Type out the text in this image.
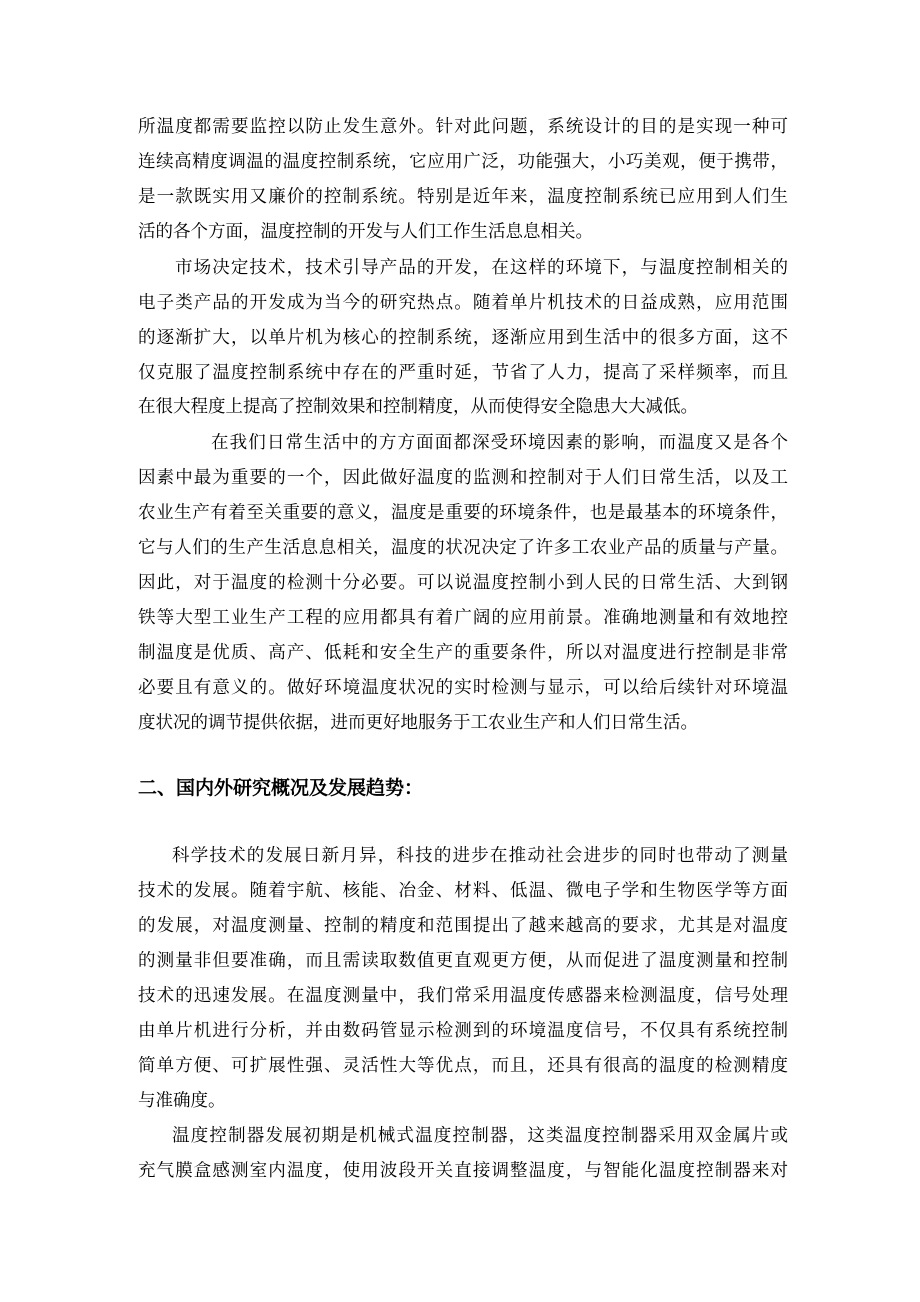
所温度都需要监控以防止发生意外。针对此问题，系统设计的目的是实现一种可
连续高精度调温的温度控制系统，它应用广泛，功能强大，小巧美观，便于携带，
是一款既实用又廉价的控制系统。特别是近年来，温度控制系统已应用到人们生
活的各个方面，温度控制的开发与人们工作生活息息相关。
市场决定技术，技术引导产品的开发，在这样的环境下，与温度控制相关的
电子类产品的开发成为当今的研究热点。随着单片机技术的日益成熟，应用范围
的逐渐扩大，以单片机为核心的控制系统，逐渐应用到生活中的很多方面，这不
仅克服了温度控制系统中存在的严重时延，节省了人力，提高了采样频率，而且
在很大程度上提高了控制效果和控制精度，从而使得安全隐患大大减低。
在我们日常生活中的方方面面都深受环境因素的影响，而温度又是各个
因素中最为重要的一个，因此做好温度的监测和控制对于人们日常生活，以及工
农业生产有着至关重要的意义，温度是重要的环境条件，也是最基本的环境条件，
它与人们的生产生活息息相关，温度的状况决定了许多工农业产品的质量与产量。
因此，对于温度的检测十分必要。可以说温度控制小到人民的日常生活、大到钢
铁等大型工业生产工程的应用都具有着广阔的应用前景。准确地测量和有效地控
制温度是优质、高产、低耗和安全生产的重要条件，所以对温度进行控制是非常
必要且有意义的。做好环境温度状况的实时检测与显示，可以给后续针对环境温
度状况的调节提供依据，进而更好地服务于工农业生产和人们日常生活。
二、国内外研究概况及发展趋势：
科学技术的发展日新月异，科技的进步在推动社会进步的同时也带动了测量
技术的发展。随着宇航、核能、冶金、材料、低温、微电子学和生物医学等方面
的发展，对温度测量、控制的精度和范围提出了越来越高的要求，尤其是对温度
的测量非但要准确，而且需读取数值更直观更方便，从而促进了温度测量和控制
技术的迅速发展。在温度测量中，我们常采用温度传感器来检测温度，信号处理
由单片机进行分析，并由数码管显示检测到的环境温度信号，不仅具有系统控制
简单方便、可扩展性强、灵活性大等优点，而且，还具有很高的温度的检测精度
与准确度。
温度控制器发展初期是机械式温度控制器，这类温度控制器采用双金属片或
充气膜盒感测室内温度，使用波段开关直接调整温度，与智能化温度控制器来对
